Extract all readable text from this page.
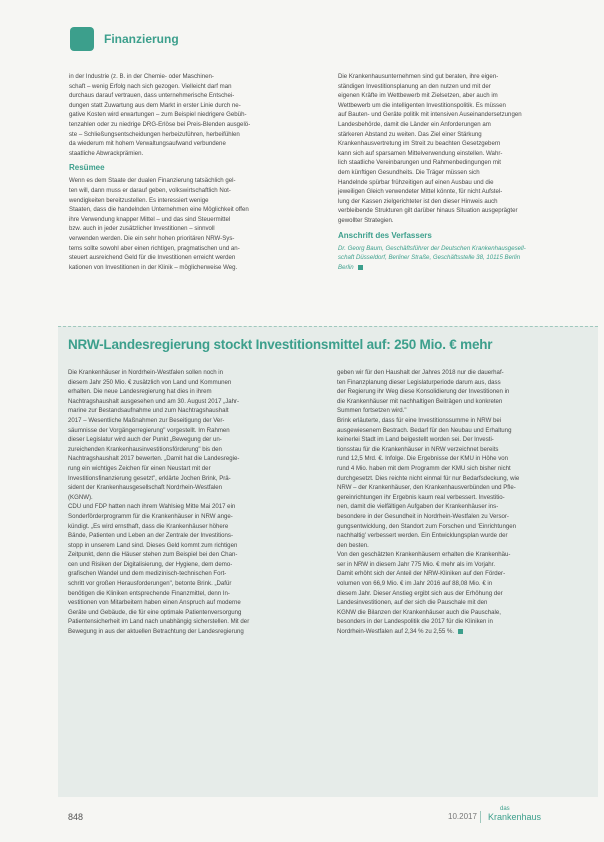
Finanzierung
in der Industrie (z. B. in der Chemie- oder Maschinen-
schaft – wenig Erfolg nach sich gezogen. Vielleicht darf man
durchaus darauf vertrauen, dass unternehmerische Entschei-
dungen statt Zuwartung aus dem Markt in erster Linie durch ne-
gative Kosten wird erwartungen – zum Beispiel niedrigere Gebüh-
tenzahlen oder zu niedrige DRG-Erlöse bei Preis-Blenden ausgelö-
ste – Schließungsentscheidungen herbeizuführen, herbeifühlen
da wiederum mit hohem Verwaltungsaufwand verbundene
staatliche Abwrackprämien.
Resümee
Wenn es dem Staate der dualen Finanzierung tatsächlich gel-
ten will, dann muss er darauf geben, volkswirtschaftlich Not-
wendigkeiten bereitzustellen. Es interessiert wenige
Staaten, dass die handelnden Unternehmen eine Möglichkeit offen
ihre Verwendung knapper Mittel – und das sind Steuermittel
bzw. auch in jeder zusätzlicher Investitionen – sinnvoll
verwenden werden. Die ein sehr hohen prioritären NRW-Sys-
tems sollte sowohl aber einen richtigen, pragmatischen und an-
steuert ausreichend Geld für die Investitionen erreicht werden
kationen von Investitionen in der Klinik – möglicherweise Weg.
Die Krankenhausunternehmen sind gut beraten, ihre eigen-
ständigen Investitionsplanung an den nutzen und mit der
eigenen Kräfte im Wettbewerb mit Zielsetzen, aber auch im
Wettbewerb um die intelligenten Investitionspolitik. Es müssen
auf Bauten- und Geräte politik mit intensiven Auseinandersetzungen
Landesbehörde, damit die Länder ein Anforderungen am
stärkeren Abstand zu weiten. Das Ziel einer Stärkung
Krankenhausvertretung im Streit zu beachten Gesetzgebern
kann sich auf sparsamen Mittelverwendung einstellen. Wahr-
lich staatliche Vereinbarungen und Rahmenbedingungen mit
dem künftigen Gesundheits. Die Träger müssen sich
Handelnde spürbar frühzeitigen auf einen Ausbau und die
jeweiligen Gleich verwendeter Mittel könnte, für nicht Aufstel-
lung der Kassen zielgerichteter ist den dieser Hinweis auch
verbleibende Strukturen gilt darüber hinaus Situation ausgeprägter
gewollter Strategien.
Anschrift des Verfassers
Dr. Georg Baum, Geschäftsführer der Deutschen Krankenhausgesell-
schaft Düsseldorf, Berliner Straße, Geschäftsstelle 38, 10115 Berlin
Berlin
NRW-Landesregierung stockt Investitionsmittel auf: 250 Mio. € mehr
Die Krankenhäuser in Nordrhein-Westfalen sollen noch in
diesem Jahr 250 Mio. € zusätzlich von Land und Kommunen
erhalten. Die neue Landesregierung hat dies in ihrem
Nachtragshaushalt ausgesehen und am 30. August 2017 „Jahr-
marine zur Bestandsaufnahme und zum Nachtragshaushalt
2017 – Wesentliche Maßnahmen zur Beseitigung der Ver-
säumnisse der Vorgängerregierung" vorgestellt. Im Rahmen
dieser Legislatur wird auch der Punkt „Bewegung der un-
zureichenden Krankenhausinvestitionsförderung" bis den
Nachtragshaushalt 2017 bewerten. „Damit hat die Landesregie-
rung ein wichtiges Zeichen für einen Neustart mit der
Investitionsfinanzierung gesetzt", erklärte Jochen Brink, Prä-
sident der Krankenhausgesellschaft Nordrhein-Westfalen
(KGNW).
CDU und FDP hatten nach ihrem Wahlsieg Mitte Mai 2017 ein
Sonderförderprogramm für die Krankenhäuser in NRW ange-
kündigt. „Es wird ernsthaft, dass die Krankenhäuser höhere
Bände, Patienten und Leben an der Zentrale der Investitions-
stopp in unserem Land sind. Dieses Geld kommt zum richtigen
Zeitpunkt, denn die Häuser stehen zum Beispiel bei den Chan-
cen und Risiken der Digitalisierung, der Hygiene, dem demo-
grafischen Wandel und dem medizinisch-technischen Fort-
schritt vor großen Herausforderungen", betonte Brink. „Dafür
benötigen die Kliniken entsprechende Finanzmittel, denn In-
vestitionen von Mitarbeitern haben einen Anspruch auf moderne
Geräte und Gebäude, die für eine optimale Patientenversorgung
Patientensicherheit im Land nach unabhängig sicherstellen. Mit der
Bewegung in aus der aktuellen Betrachtung der Landesregierung
geben wir für den Haushalt der Jahres 2018 nur die dauerhaf-
ten Finanzplanung dieser Legislaturperiode darum aus, dass
der Regierung ihr Weg diese Konsolidierung der Investitionen in
die Krankenhäuser mit nachhaltigen Beiträgen und konkreten
Summen fortsetzen wird."
Brink erläuterte, dass für eine Investitionssumme in NRW bei
ausgewiesenem Bestrach. Bedarf für den Neubau und Erhaltung
keinerlei Stadt im Land beigestellt worden sei. Der Investi-
tionsstau für die Krankenhäuser in NRW verzeichnet bereits
rund 12,5 Mrd. €. Infolge. Die Ergebnisse der KMU in Höhe von
rund 4 Mio. haben mit dem Programm der KMU sich bisher nicht
durchgesetzt. Dies reichte nicht einmal für nur Bedarfsdeckung, wie
NRW – der Krankenhäuser, den Krankenhausverbünden und Pfle-
gereinrichtungen ihr Ergebnis kaum real verbessert. Investitio-
nen, damit die vielfältigen Aufgaben der Krankenhäuser ins-
besondere in der Gesundheit in Nordrhein-Westfalen zu Versor-
gungsentwicklung, den Standort zum Forschen und 'Einrichtungen
nachhaltig' verbessert werden. Ein Entwicklungsplan wurde der
den besten.
Von den geschätzten Krankenhäusern erhalten die Krankenhäu-
ser in NRW in diesem Jahr 775 Mio. € mehr als im Vorjahr.
Damit erhöht sich der Anteil der NRW-Kliniken auf den Förder-
volumen von 66,9 Mio. € im Jahr 2016 auf 88,08 Mio. € in
diesem Jahr. Dieser Anstieg ergibt sich aus der Erhöhung der
Landesinvestitionen, auf der sich die Pauschale mit den
KGNW die Bilanzen der Krankenhäuser auch die Pauschale,
besonders in der Landespolitik die 2017 für die Kliniken in
Nordrhein-Westfalen auf 2,34 % zu 2,55 %.
848	10.2017
das
Krankenhaus
